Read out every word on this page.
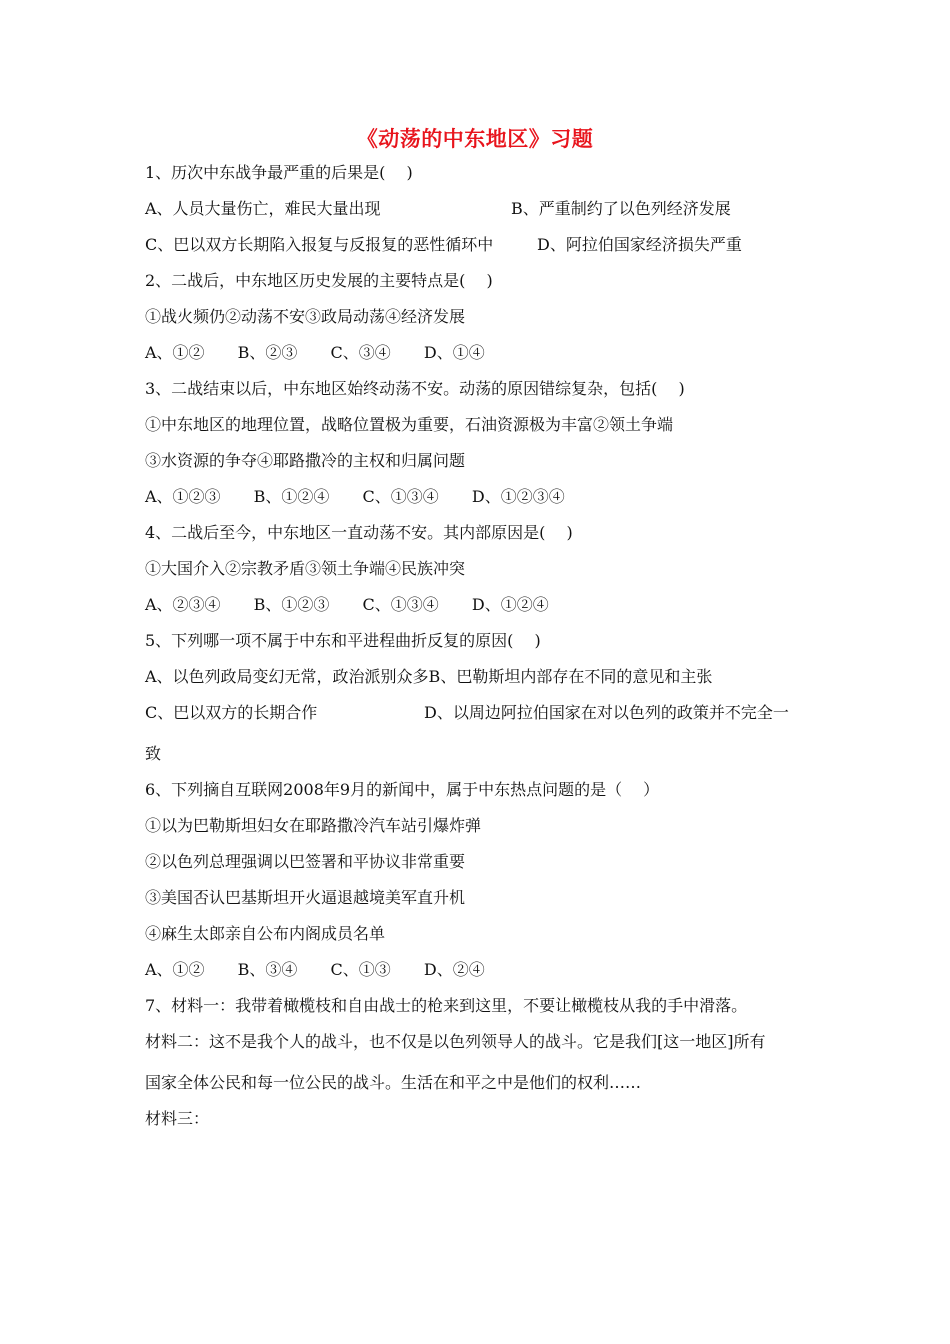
《动荡的中东地区》习题
1、历次中东战争最严重的后果是(　 )
A、人员大量伤亡，难民大量出现	B、严重制约了以色列经济发展
C、巴以双方长期陷入报复与反报复的恶性循环中	D、阿拉伯国家经济损失严重
2、二战后，中东地区历史发展的主要特点是(　 )
①战火频仍②动荡不安③政局动荡④经济发展
A、①② B、②③ C、③④ D、①④
3、二战结束以后，中东地区始终动荡不安。动荡的原因错综复杂，包括(　 )
①中东地区的地理位置，战略位置极为重要，石油资源极为丰富②领土争端
③水资源的争夺④耶路撒冷的主权和归属问题
A、①②③ B、①②④ C、①③④ D、①②③④
4、二战后至今，中东地区一直动荡不安。其内部原因是(　 )
①大国介入②宗教矛盾③领土争端④民族冲突
A、②③④ B、①②③ C、①③④ D、①②④
5、下列哪一项不属于中东和平进程曲折反复的原因(　 )
A、以色列政局变幻无常，政治派别众多B、巴勒斯坦内部存在不同的意见和主张
C、巴以双方的长期合作	D、以周边阿拉伯国家在对以色列的政策并不完全一
致
6、下列摘自互联网2008年9月的新闻中，属于中东热点问题的是（　 ）
①以为巴勒斯坦妇女在耶路撒冷汽车站引爆炸弹
②以色列总理强调以巴签署和平协议非常重要
③美国否认巴基斯坦开火逼退越境美军直升机
④麻生太郎亲自公布内阁成员名单
A、①② B、③④ C、①③ D、②④
7、材料一：我带着橄榄枝和自由战士的枪来到这里，不要让橄榄枝从我的手中滑落。
材料二：这不是我个人的战斗，也不仅是以色列领导人的战斗。它是我们[这一地区]所有
国家全体公民和每一位公民的战斗。生活在和平之中是他们的权利……
材料三：
